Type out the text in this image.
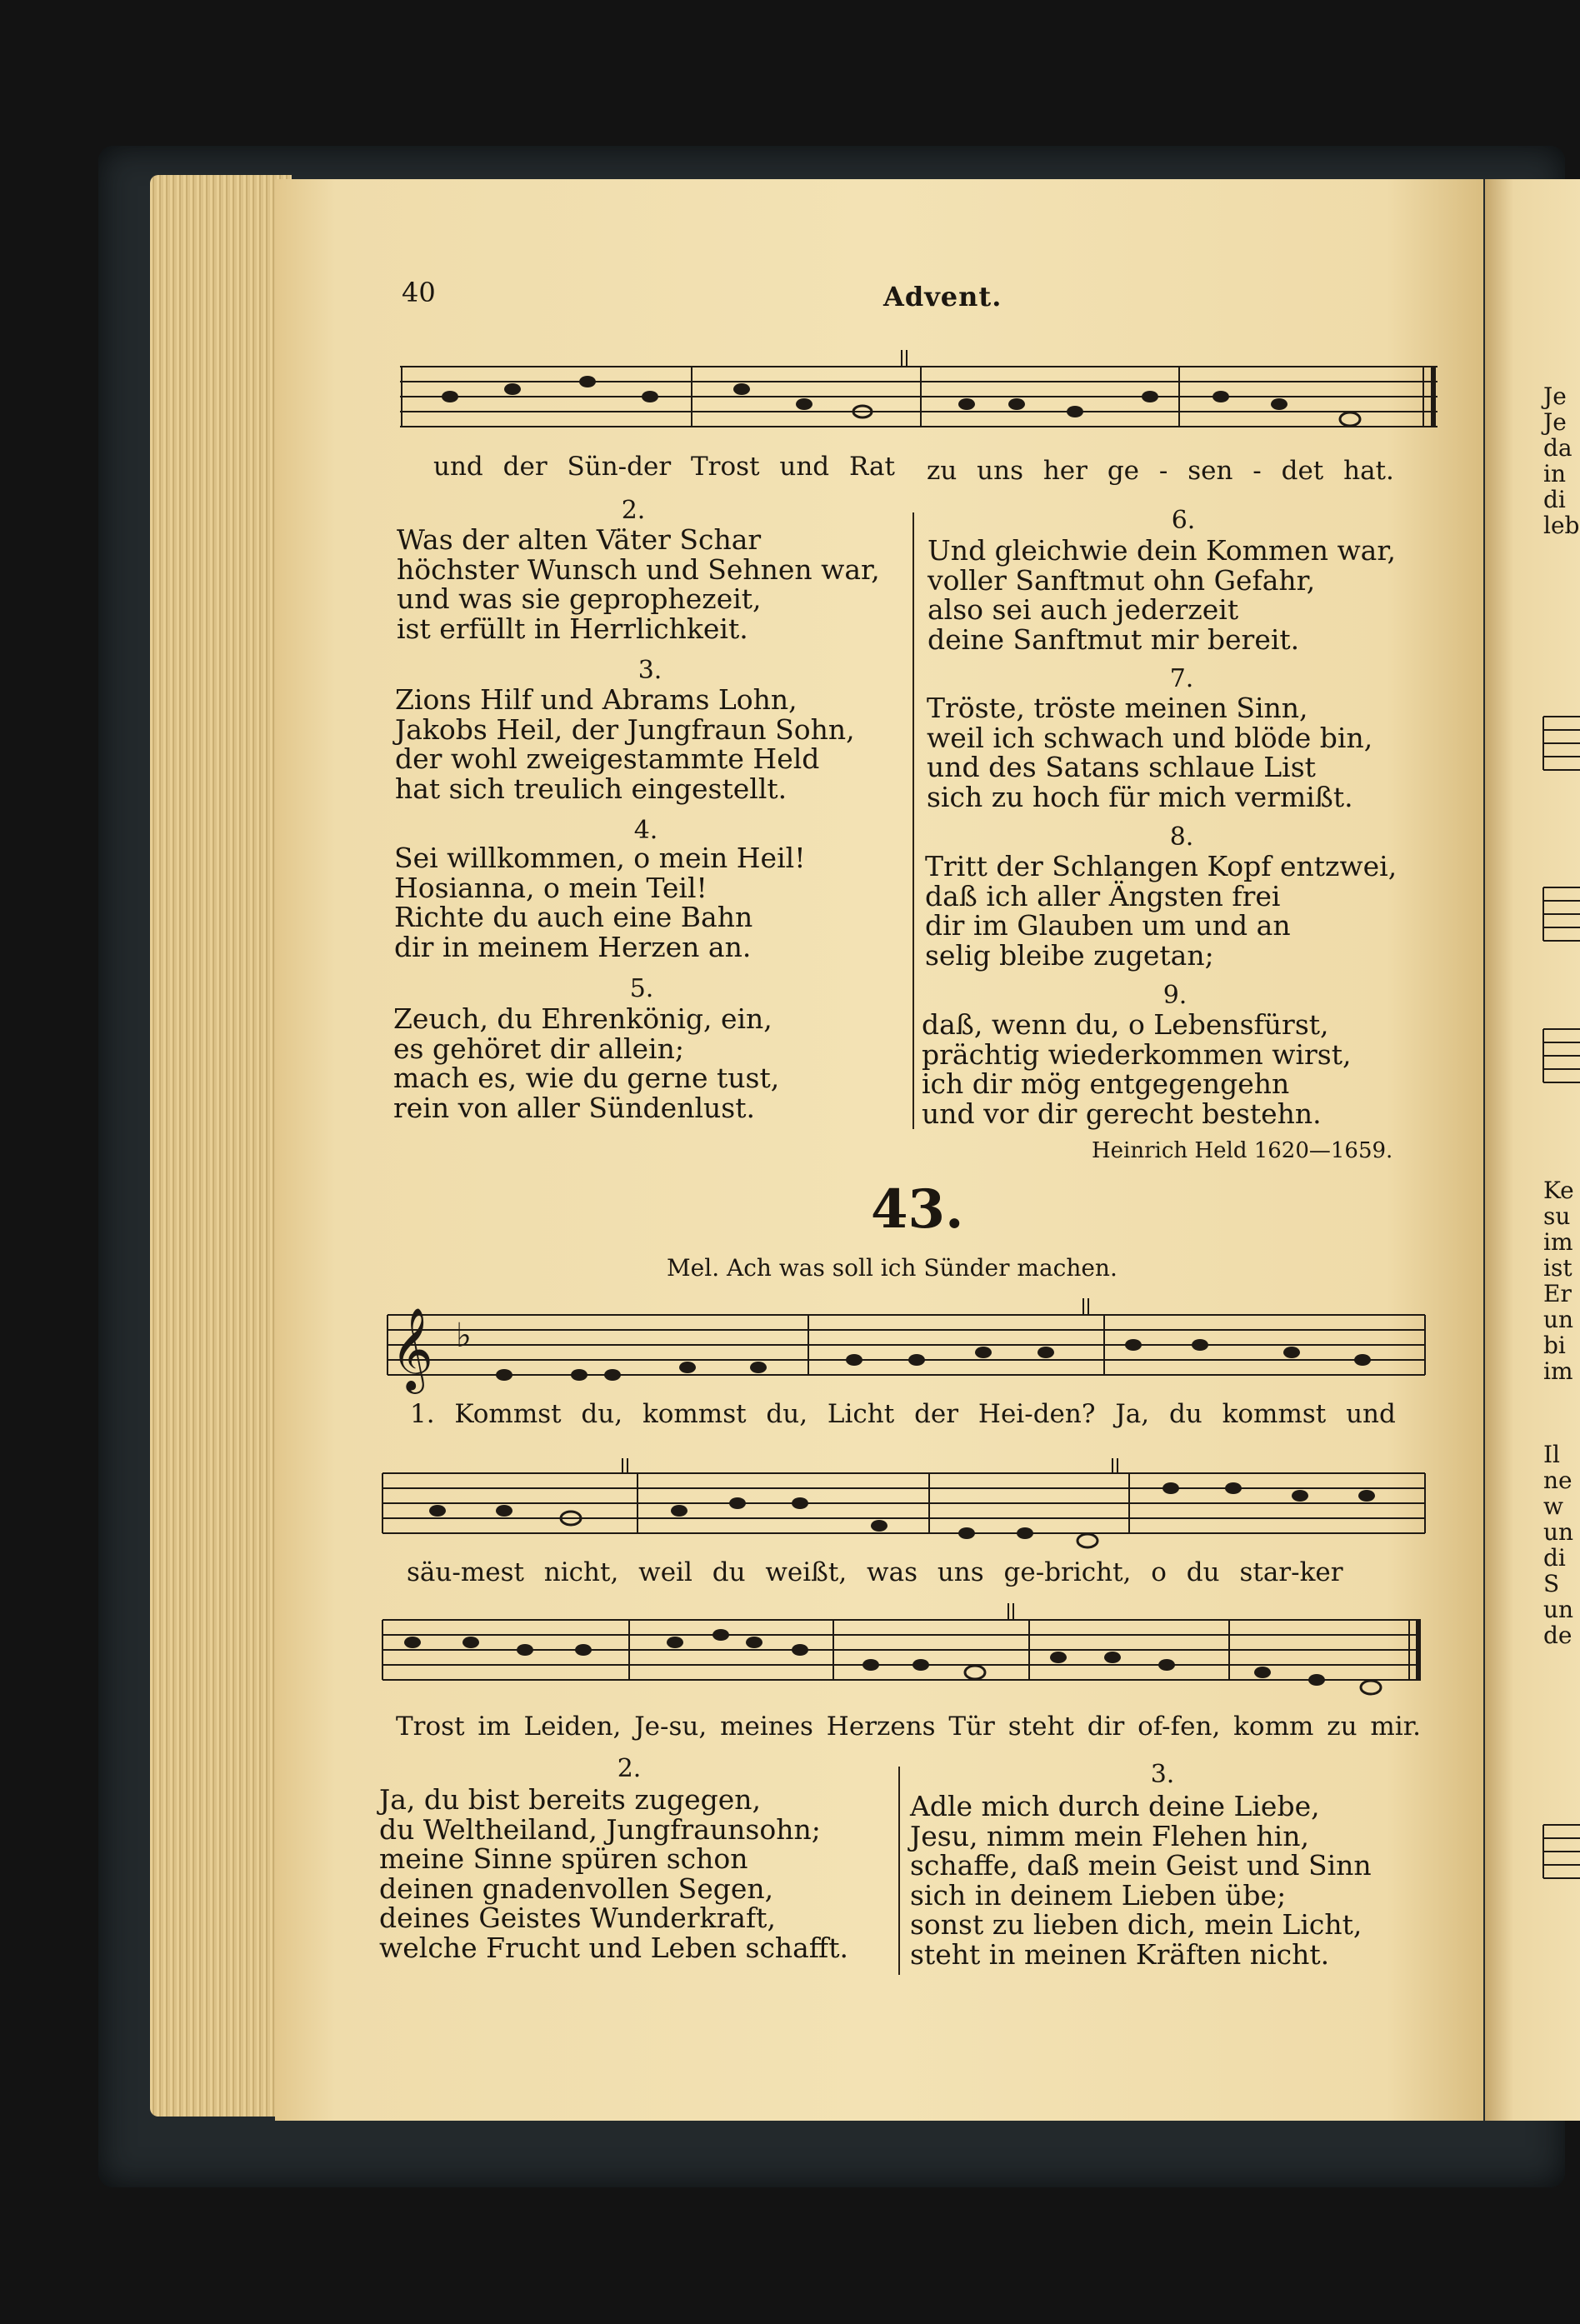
40	Advent.
und der Sün-der Trost und Rat zu uns her ge - sen - det hat.
2.
Was der alten Väter Schar
höchster Wunsch und Sehnen war,
und was sie geprophezeit,
ist erfüllt in Herrlichkeit.
3.
Zions Hilf und Abrams Lohn,
Jakobs Heil, der Jungfraun Sohn,
der wohl zweigestammte Held
hat sich treulich eingestellt.
4.
Sei willkommen, o mein Heil!
Hosianna, o mein Teil!
Richte du auch eine Bahn
dir in meinem Herzen an.
5.
Zeuch, du Ehrenkönig, ein,
es gehöret dir allein;
mach es, wie du gerne tust,
rein von aller Sündenlust.
6.
Und gleichwie dein Kommen war,
voller Sanftmut ohn Gefahr,
also sei auch jederzeit
deine Sanftmut mir bereit.
7.
Tröste, tröste meinen Sinn,
weil ich schwach und blöde bin,
und des Satans schlaue List
sich zu hoch für mich vermißt.
8.
Tritt der Schlangen Kopf entzwei,
daß ich aller Ängsten frei
dir im Glauben um und an
selig bleibe zugetan;
9.
daß, wenn du, o Lebensfürst,
prächtig wiederkommen wirst,
ich dir mög entgegengehn
und vor dir gerecht bestehn.
Heinrich Held 1620—1659.
43.
Mel. Ach was soll ich Sünder machen.
𝄞 ♭
1. Kommst du, kommst du, Licht der Hei-den? Ja, du kommst und
säu-mest nicht, weil du weißt, was uns ge-bricht, o du star-ker
Trost im Leiden, Je-su, meines Herzens Tür steht dir of-fen, komm zu mir.
2.
Ja, du bist bereits zugegen,
du Weltheiland, Jungfraunsohn;
meine Sinne spüren schon
deinen gnadenvollen Segen,
deines Geistes Wunderkraft,
welche Frucht und Leben schafft.
3.
Adle mich durch deine Liebe,
Jesu, nimm mein Flehen hin,
schaffe, daß mein Geist und Sinn
sich in deinem Lieben übe;
sonst zu lieben dich, mein Licht,
steht in meinen Kräften nicht.
Je
Je
da
in
di
leb
Ke
su
im
ist
Er
un
bi
im
Il
ne
w
un
di
S
un
de
